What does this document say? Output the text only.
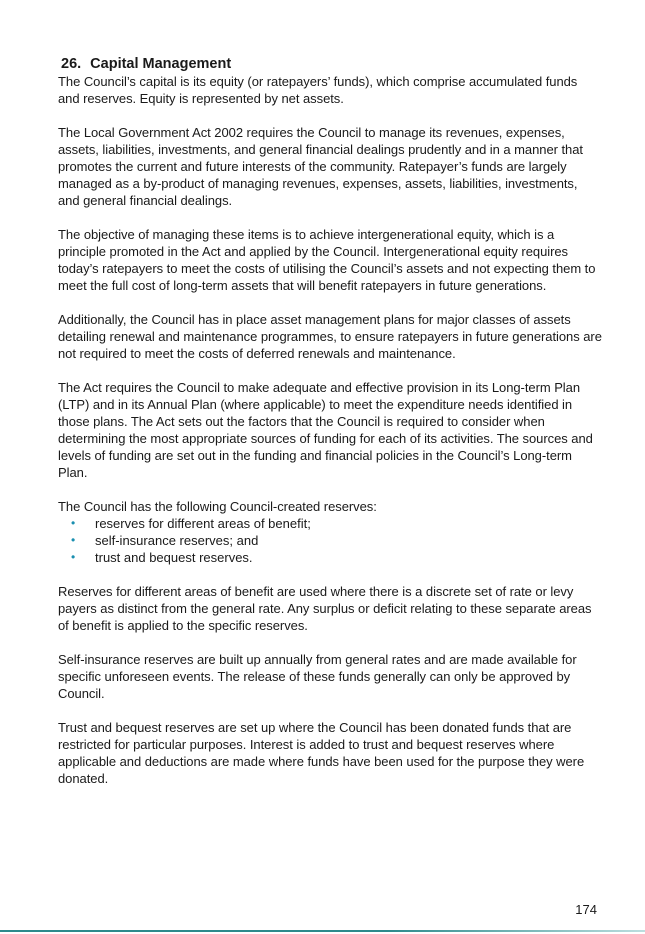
26. Capital Management

The Council’s capital is its equity (or ratepayers’ funds), which comprise accumulated funds and reserves. Equity is represented by net assets.

The Local Government Act 2002 requires the Council to manage its revenues, expenses, assets, liabilities, investments, and general financial dealings prudently and in a manner that promotes the current and future interests of the community. Ratepayer’s funds are largely managed as a by-product of managing revenues, expenses, assets, liabilities, investments, and general financial dealings.

The objective of managing these items is to achieve intergenerational equity, which is a principle promoted in the Act and applied by the Council. Intergenerational equity requires today’s ratepayers to meet the costs of utilising the Council’s assets and not expecting them to meet the full cost of long-term assets that will benefit ratepayers in future generations.

Additionally, the Council has in place asset management plans for major classes of assets detailing renewal and maintenance programmes, to ensure ratepayers in future generations are not required to meet the costs of deferred renewals and maintenance.

The Act requires the Council to make adequate and effective provision in its Long-term Plan (LTP) and in its Annual Plan (where applicable) to meet the expenditure needs identified in those plans. The Act sets out the factors that the Council is required to consider when determining the most appropriate sources of funding for each of its activities. The sources and levels of funding are set out in the funding and financial policies in the Council’s Long-term Plan.

The Council has the following Council-created reserves:

•	reserves for different areas of benefit;
•	self-insurance reserves; and
•	trust and bequest reserves.

Reserves for different areas of benefit are used where there is a discrete set of rate or levy payers as distinct from the general rate. Any surplus or deficit relating to these separate areas of benefit is applied to the specific reserves.

Self-insurance reserves are built up annually from general rates and are made available for specific unforeseen events. The release of these funds generally can only be approved by Council.

Trust and bequest reserves are set up where the Council has been donated funds that are restricted for particular purposes. Interest is added to trust and bequest reserves where applicable and deductions are made where funds have been used for the purpose they were donated.

174
